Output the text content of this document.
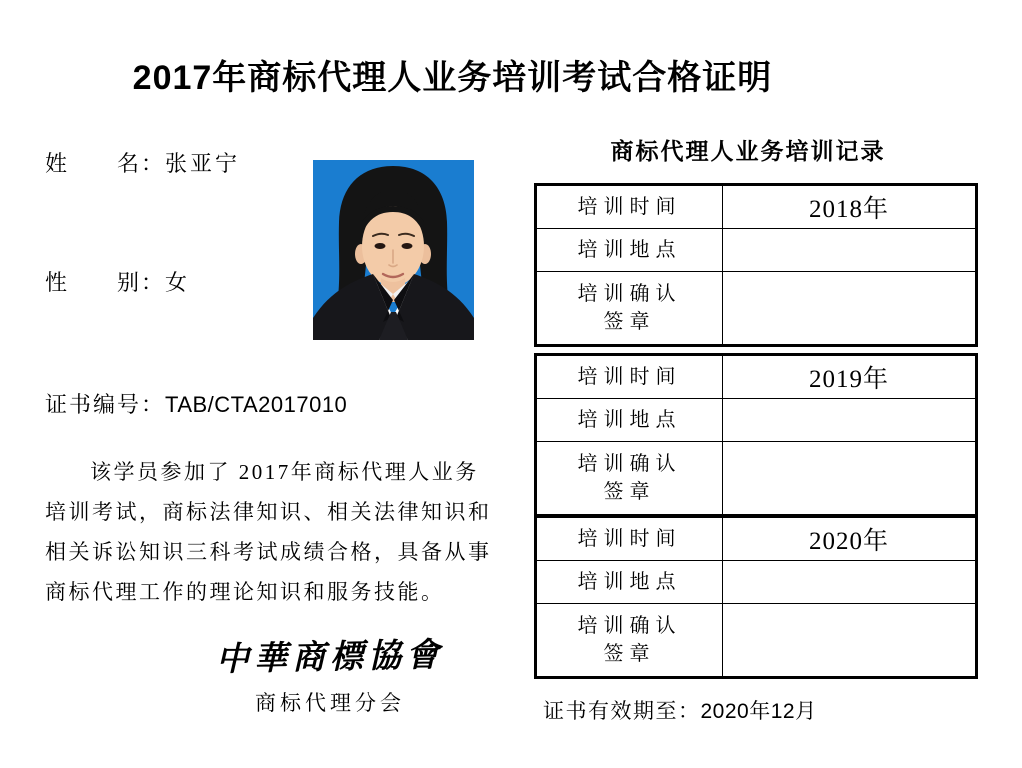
2017年商标代理人业务培训考试合格证明
姓　　名：张亚宁
性　　别：女
证书编号：TAB/CTA2017010
该学员参加了 2017年商标代理人业务
培训考试，商标法律知识、相关法律知识和
相关诉讼知识三科考试成绩合格，具备从事
商标代理工作的理论知识和服务技能。
中華商標協會
商标代理分会
商标代理人业务培训记录
培训时间	2018年
培训地点
培训确认
签章
培训时间	2019年
培训地点
培训确认
签章
培训时间	2020年
培训地点
培训确认
签章
证书有效期至：2020年12月
